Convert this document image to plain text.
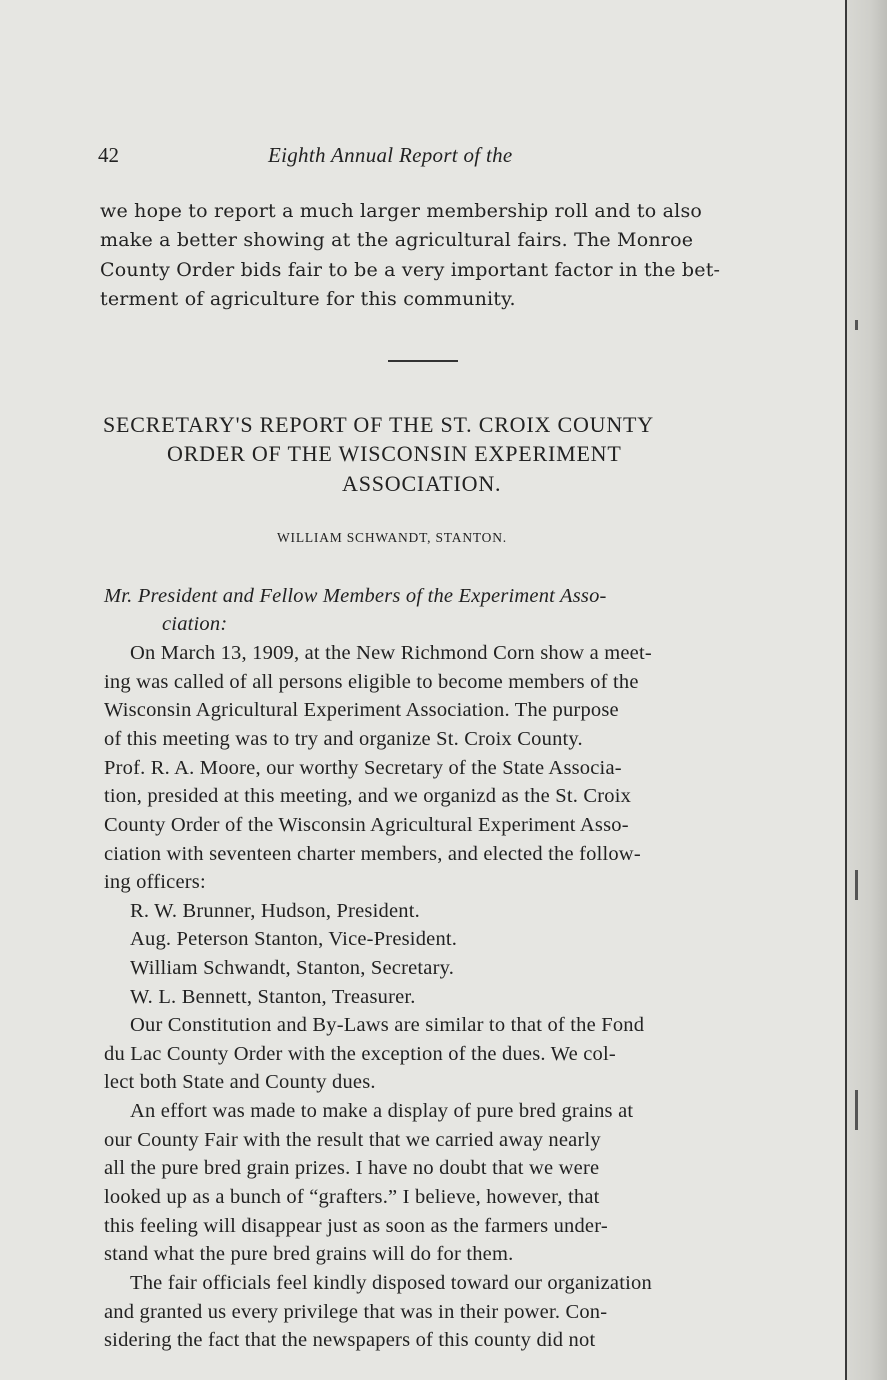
42	Eighth Annual Report of the
we hope to report a much larger membership roll and to also
make a better showing at the agricultural fairs. The Monroe
County Order bids fair to be a very important factor in the bet-
terment of agriculture for this community.
SECRETARY'S REPORT OF THE ST. CROIX COUNTY
ORDER OF THE WISCONSIN EXPERIMENT
ASSOCIATION.
WILLIAM SCHWANDT, STANTON.
Mr. President and Fellow Members of the Experiment Asso-
ciation:
On March 13, 1909, at the New Richmond Corn show a meet-
ing was called of all persons eligible to become members of the
Wisconsin Agricultural Experiment Association. The purpose
of this meeting was to try and organize St. Croix County.
Prof. R. A. Moore, our worthy Secretary of the State Associa-
tion, presided at this meeting, and we organizd as the St. Croix
County Order of the Wisconsin Agricultural Experiment Asso-
ciation with seventeen charter members, and elected the follow-
ing officers:
R. W. Brunner, Hudson, President.
Aug. Peterson Stanton, Vice-President.
William Schwandt, Stanton, Secretary.
W. L. Bennett, Stanton, Treasurer.
Our Constitution and By-Laws are similar to that of the Fond
du Lac County Order with the exception of the dues. We col-
lect both State and County dues.
An effort was made to make a display of pure bred grains at
our County Fair with the result that we carried away nearly
all the pure bred grain prizes. I have no doubt that we were
looked up as a bunch of “grafters.” I believe, however, that
this feeling will disappear just as soon as the farmers under-
stand what the pure bred grains will do for them.
The fair officials feel kindly disposed toward our organization
and granted us every privilege that was in their power. Con-
sidering the fact that the newspapers of this county did not
